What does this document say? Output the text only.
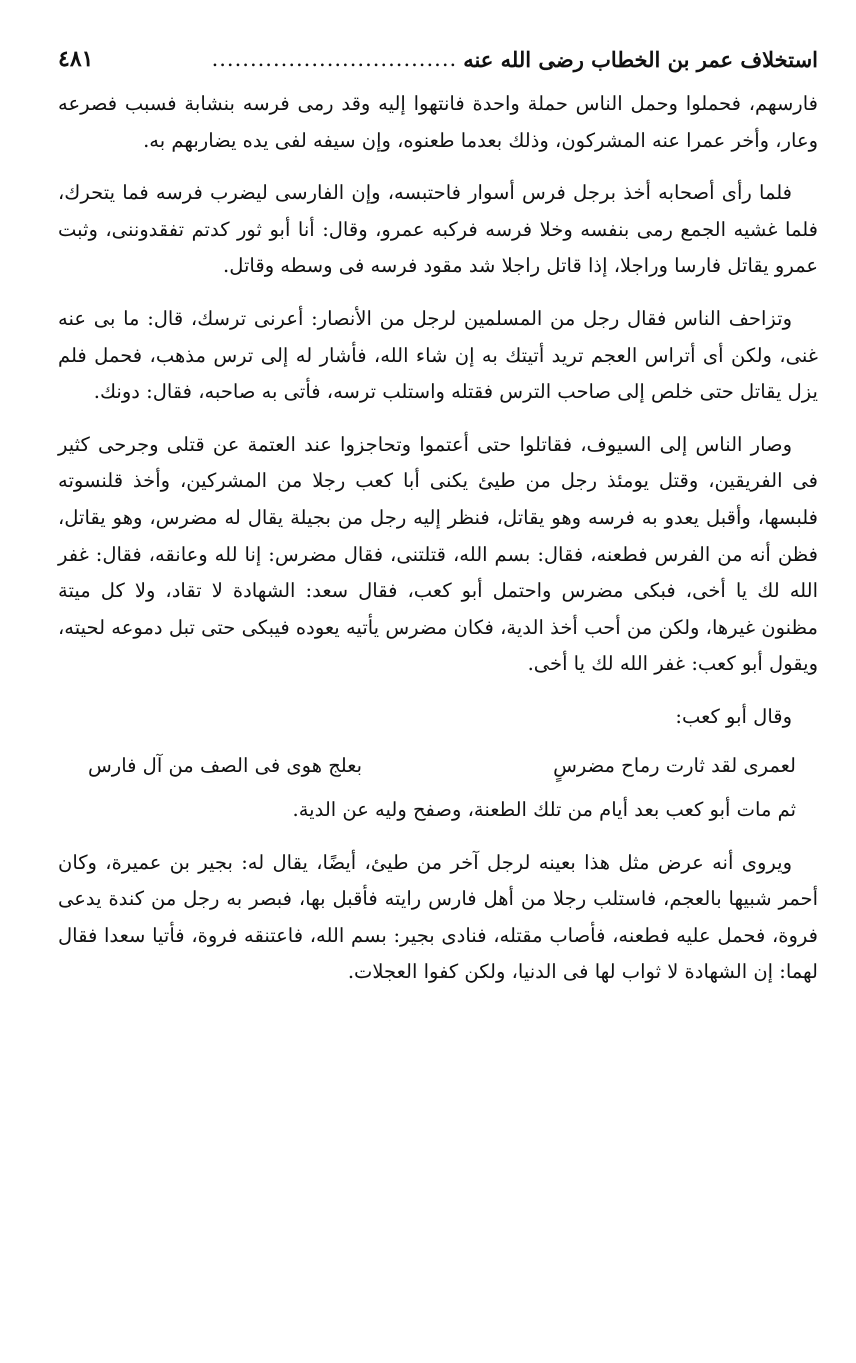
استخلاف عمر بن الخطاب رضى الله عنه
................................
٤٨١

فارسهم، فحملوا وحمل الناس حملة واحدة فانتهوا إليه وقد رمى فرسه بنشابة فسبب فصرعه وعار، وأخر عمرا عنه المشركون، وذلك بعدما طعنوه، وإن سيفه لفى يده يضاربهم به.

فلما رأى أصحابه أخذ برجل فرس أسوار فاحتبسه، وإن الفارسى ليضرب فرسه فما يتحرك، فلما غشيه الجمع رمى بنفسه وخلا فرسه فركبه عمرو، وقال: أنا أبو ثور كدتم تفقدوننى، وثبت عمرو يقاتل فارسا وراجلا، إذا قاتل راجلا شد مقود فرسه فى وسطه وقاتل.

وتزاحف الناس فقال رجل من المسلمين لرجل من الأنصار: أعرنى ترسك، قال: ما بى عنه غنى، ولكن أى أتراس العجم تريد أتيتك به إن شاء الله، فأشار له إلى ترس مذهب، فحمل فلم يزل يقاتل حتى خلص إلى صاحب الترس فقتله واستلب ترسه، فأتى به صاحبه، فقال: دونك.

وصار الناس إلى السيوف، فقاتلوا حتى أعتموا وتحاجزوا عند العتمة عن قتلى وجرحى كثير فى الفريقين، وقتل يومئذ رجل من طيئ يكنى أبا كعب رجلا من المشركين، وأخذ قلنسوته فلبسها، وأقبل يعدو به فرسه وهو يقاتل، فنظر إليه رجل من بجيلة يقال له مضرس، وهو يقاتل، فظن أنه من الفرس فطعنه، فقال: بسم الله، قتلتنى، فقال مضرس: إنا لله وعانقه، فقال: غفر الله لك يا أخى، فبكى مضرس واحتمل أبو كعب، فقال سعد: الشهادة لا تقاد، ولا كل ميتة مظنون غيرها، ولكن من أحب أخذ الدية، فكان مضرس يأتيه يعوده فيبكى حتى تبل دموعه لحيته، ويقول أبو كعب: غفر الله لك يا أخى.

وقال أبو كعب:

لعمرى لقد ثارت رماح مضرسٍ
بعلج هوى فى الصف من آل فارس

ثم مات أبو كعب بعد أيام من تلك الطعنة، وصفح وليه عن الدية.

ويروى أنه عرض مثل هذا بعينه لرجل آخر من طيئ، أيضًا، يقال له: بجير بن عميرة، وكان أحمر شبيها بالعجم، فاستلب رجلا من أهل فارس رايته فأقبل بها، فبصر به رجل من كندة يدعى فروة، فحمل عليه فطعنه، فأصاب مقتله، فنادى بجير: بسم الله، فاعتنقه فروة، فأتيا سعدا فقال لهما: إن الشهادة لا ثواب لها فى الدنيا، ولكن كفوا العجلات.
